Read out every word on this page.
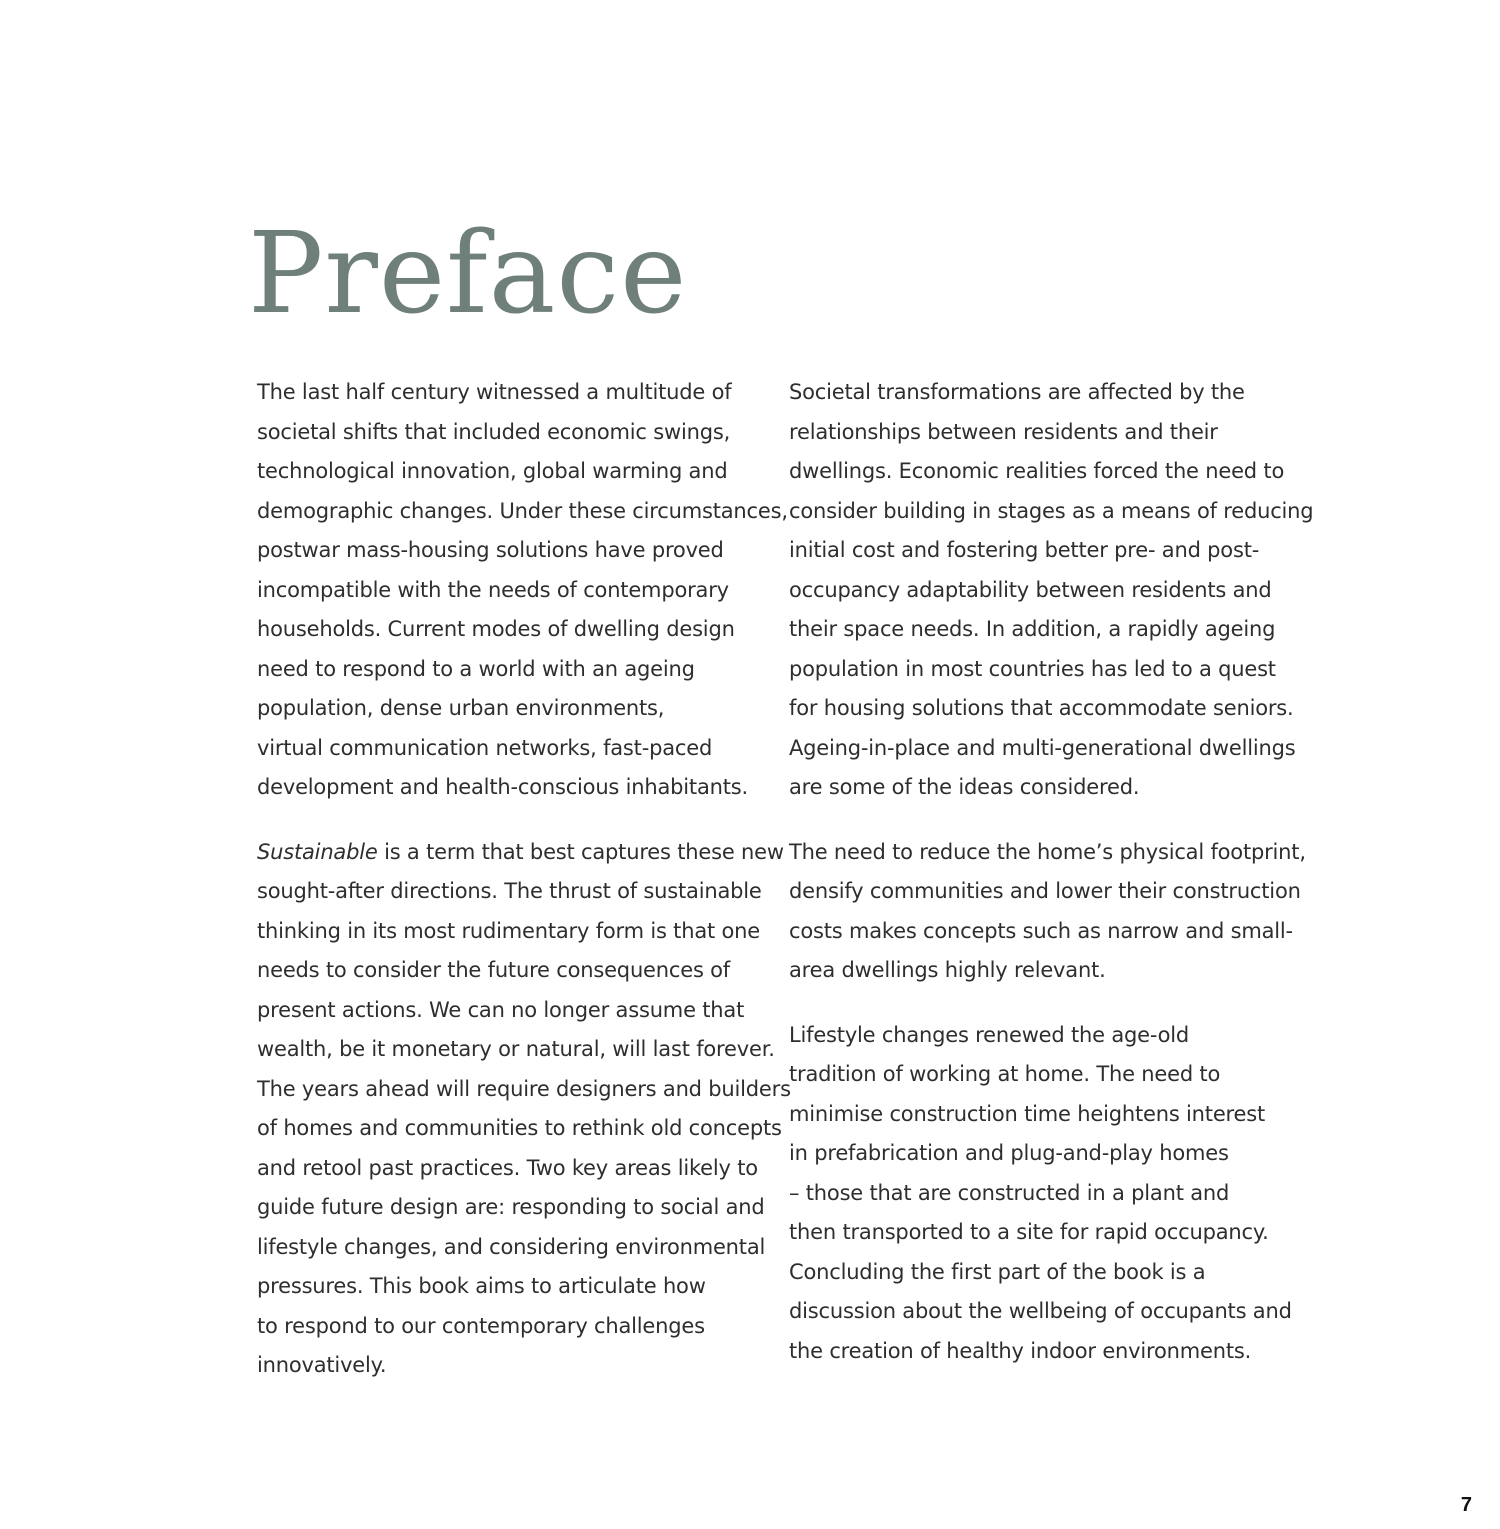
Preface

The last half century witnessed a multitude of
societal shifts that included economic swings,
technological innovation, global warming and
demographic changes. Under these circumstances,
postwar mass-housing solutions have proved
incompatible with the needs of contemporary
households. Current modes of dwelling design
need to respond to a world with an ageing
population, dense urban environments,
virtual communication networks, fast-paced
development and health-conscious inhabitants.

Sustainable is a term that best captures these new
sought-after directions. The thrust of sustainable
thinking in its most rudimentary form is that one
needs to consider the future consequences of
present actions. We can no longer assume that
wealth, be it monetary or natural, will last forever.
The years ahead will require designers and builders
of homes and communities to rethink old concepts
and retool past practices. Two key areas likely to
guide future design are: responding to social and
lifestyle changes, and considering environmental
pressures. This book aims to articulate how
to respond to our contemporary challenges
innovatively.

Societal transformations are affected by the
relationships between residents and their
dwellings. Economic realities forced the need to
consider building in stages as a means of reducing
initial cost and fostering better pre- and post-
occupancy adaptability between residents and
their space needs. In addition, a rapidly ageing
population in most countries has led to a quest
for housing solutions that accommodate seniors.
Ageing-in-place and multi-generational dwellings
are some of the ideas considered.

The need to reduce the home’s physical footprint,
densify communities and lower their construction
costs makes concepts such as narrow and small-
area dwellings highly relevant.

Lifestyle changes renewed the age-old
tradition of working at home. The need to
minimise construction time heightens interest
in prefabrication and plug-and-play homes
– those that are constructed in a plant and
then transported to a site for rapid occupancy.
Concluding the first part of the book is a
discussion about the wellbeing of occupants and
the creation of healthy indoor environments.

7
